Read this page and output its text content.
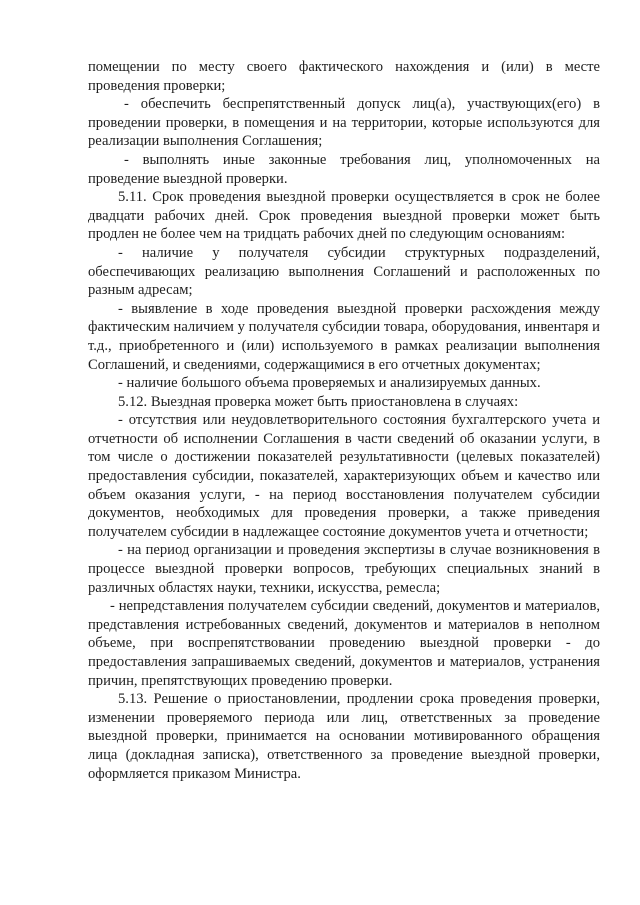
помещении по месту своего фактического нахождения и (или) в месте проведения проверки;

- обеспечить беспрепятственный допуск лиц(а), участвующих(его) в проведении проверки, в помещения и на территории, которые используются для реализации выполнения Соглашения;

- выполнять иные законные требования лиц, уполномоченных на проведение выездной проверки.

5.11. Срок проведения выездной проверки осуществляется в срок не более двадцати рабочих дней. Срок проведения выездной проверки может быть продлен не более чем на тридцать рабочих дней по следующим основаниям:

- наличие у получателя субсидии структурных подразделений, обеспечивающих реализацию выполнения Соглашений и расположенных по разным адресам;

- выявление в ходе проведения выездной проверки расхождения между фактическим наличием у получателя субсидии товара, оборудования, инвентаря и т.д., приобретенного и (или) используемого в рамках реализации выполнения Соглашений, и сведениями, содержащимися в его отчетных документах;

- наличие большого объема проверяемых и анализируемых данных.

5.12. Выездная проверка может быть приостановлена в случаях:

- отсутствия или неудовлетворительного состояния бухгалтерского учета и отчетности об исполнении Соглашения в части сведений об оказании услуги, в том числе о достижении показателей результативности (целевых показателей) предоставления субсидии, показателей, характеризующих объем и качество или объем оказания услуги, - на период восстановления получателем субсидии документов, необходимых для проведения проверки, а также приведения получателем субсидии в надлежащее состояние документов учета и отчетности;

- на период организации и проведения экспертизы в случае возникновения в процессе выездной проверки вопросов, требующих специальных знаний в различных областях науки, техники, искусства, ремесла;

- непредставления получателем субсидии сведений, документов и материалов, представления истребованных сведений, документов и материалов в неполном объеме, при воспрепятствовании проведению выездной проверки - до предоставления запрашиваемых сведений, документов и материалов, устранения причин, препятствующих проведению проверки.

5.13. Решение о приостановлении, продлении срока проведения проверки, изменении проверяемого периода или лиц, ответственных за проведение выездной проверки, принимается на основании мотивированного обращения лица (докладная записка), ответственного за проведение выездной проверки, оформляется приказом Министра.
